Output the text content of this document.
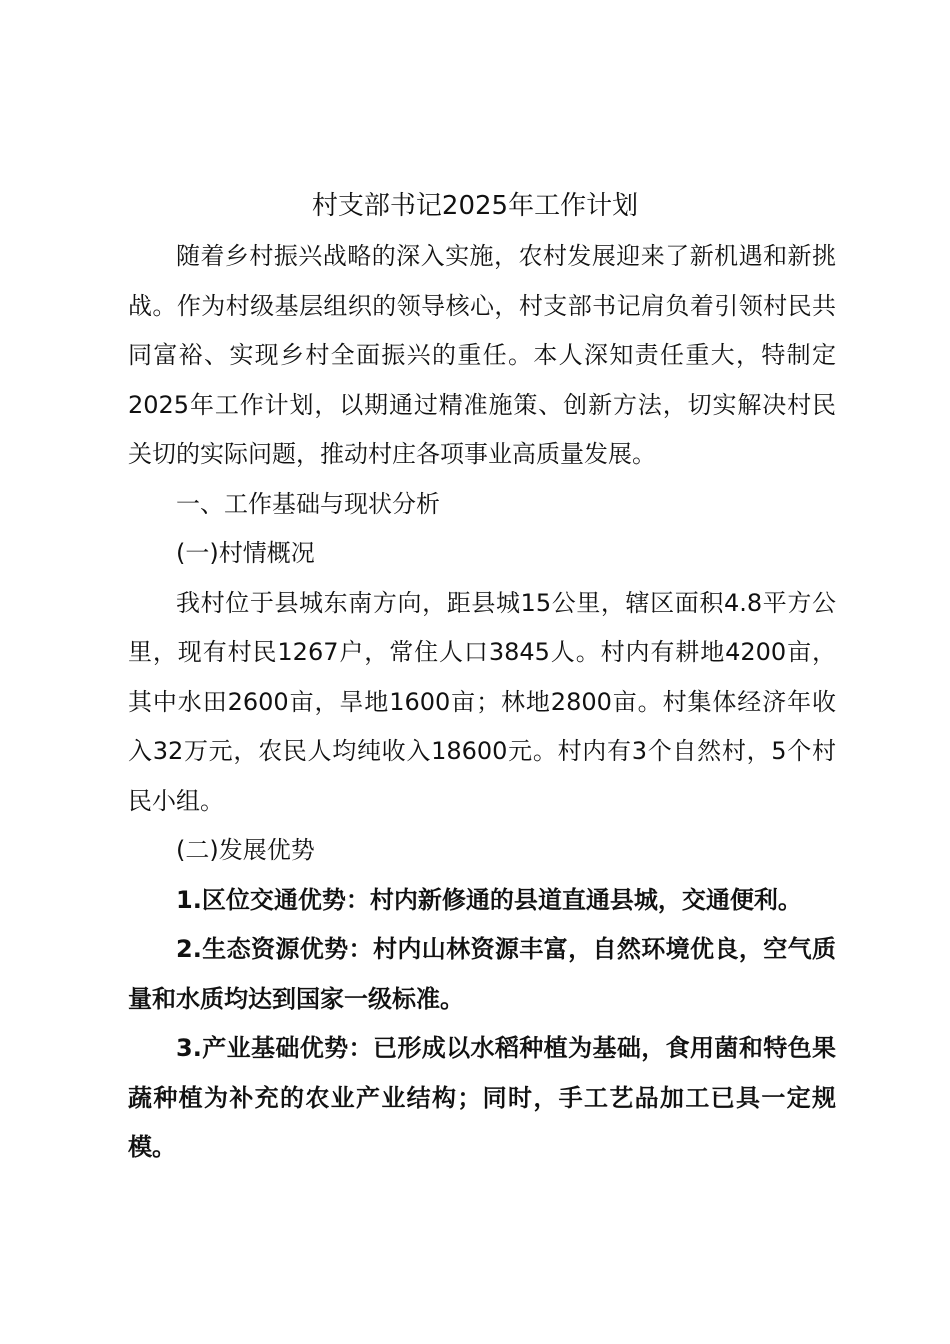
村支部书记2025年工作计划

随着乡村振兴战略的深入实施，农村发展迎来了新机遇和新挑战。作为村级基层组织的领导核心，村支部书记肩负着引领村民共同富裕、实现乡村全面振兴的重任。本人深知责任重大，特制定2025年工作计划，以期通过精准施策、创新方法，切实解决村民关切的实际问题，推动村庄各项事业高质量发展。

一、工作基础与现状分析

(一)村情概况

我村位于县城东南方向，距县城15公里，辖区面积4.8平方公里，现有村民1267户，常住人口3845人。村内有耕地4200亩，其中水田2600亩，旱地1600亩；林地2800亩。村集体经济年收入32万元，农民人均纯收入18600元。村内有3个自然村，5个村民小组。

(二)发展优势

1.区位交通优势：村内新修通的县道直通县城，交通便利。

2.生态资源优势：村内山林资源丰富，自然环境优良，空气质量和水质均达到国家一级标准。

3.产业基础优势：已形成以水稻种植为基础，食用菌和特色果蔬种植为补充的农业产业结构；同时，手工艺品加工已具一定规模。
